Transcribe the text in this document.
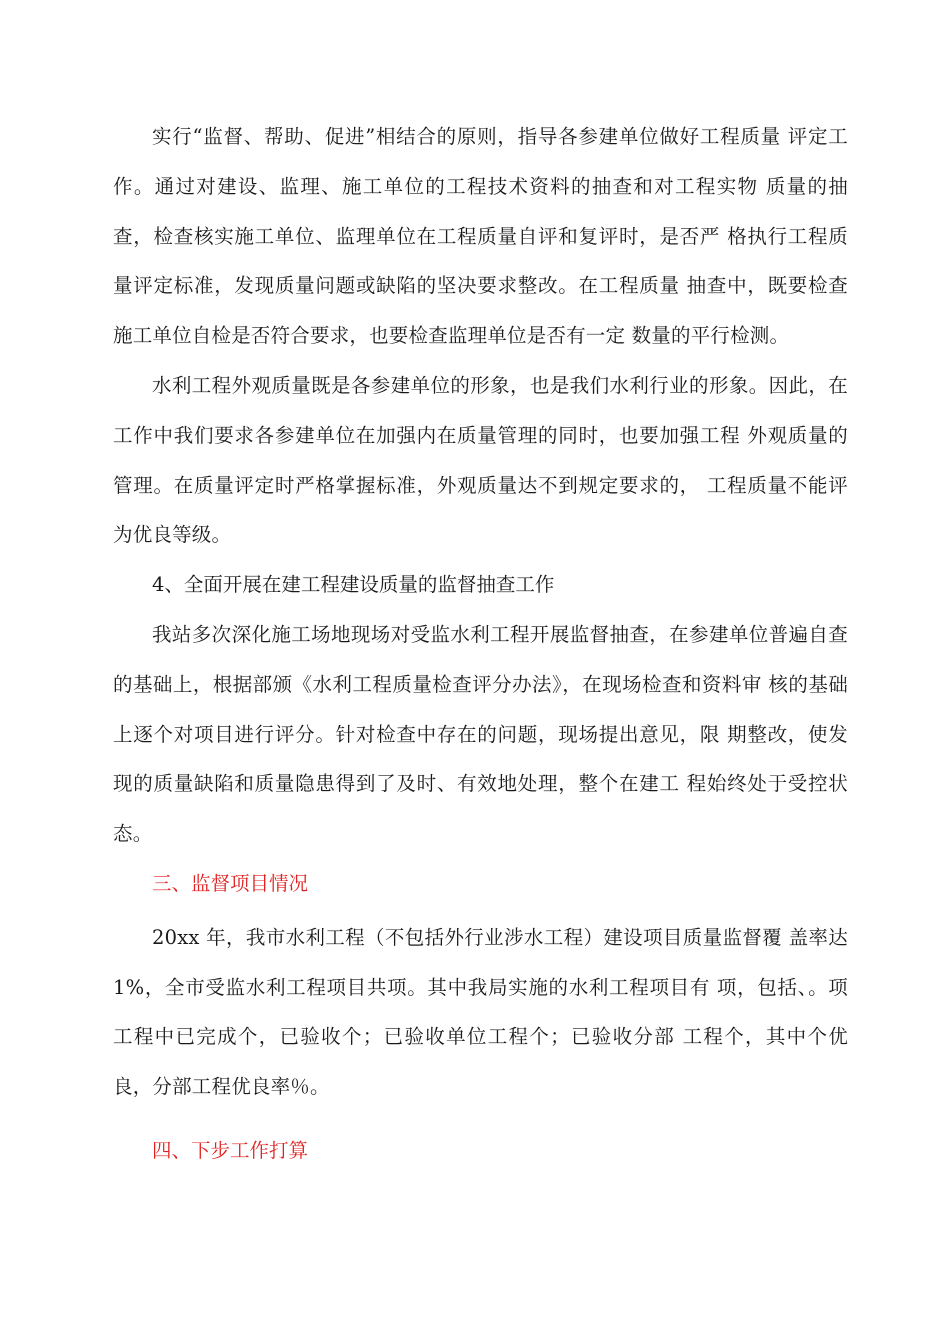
实行“监督、帮助、促进”相结合的原则，指导各参建单位做好工程质量 评定工作。通过对建设、监理、施工单位的工程技术资料的抽查和对工程实物 质量的抽查，检查核实施工单位、监理单位在工程质量自评和复评时，是否严 格执行工程质量评定标准，发现质量问题或缺陷的坚决要求整改。在工程质量 抽查中，既要检查施工单位自检是否符合要求，也要检查监理单位是否有一定 数量的平行检测。

水利工程外观质量既是各参建单位的形象，也是我们水利行业的形象。因此，在工作中我们要求各参建单位在加强内在质量管理的同时，也要加强工程 外观质量的管理。在质量评定时严格掌握标准，外观质量达不到规定要求的， 工程质量不能评为优良等级。

4、全面开展在建工程建设质量的监督抽查工作

我站多次深化施工场地现场对受监水利工程开展监督抽查，在参建单位普遍自查的基础上，根据部颁《水利工程质量检查评分办法》，在现场检查和资料审 核的基础上逐个对项目进行评分。针对检查中存在的问题，现场提出意见，限 期整改，使发现的质量缺陷和质量隐患得到了及时、有效地处理，整个在建工 程始终处于受控状态。

三、监督项目情况

20xx 年，我市水利工程（不包括外行业涉水工程）建设项目质量监督覆 盖率达 1%，全市受监水利工程项目共项。其中我局实施的水利工程项目有 项，包括、。项工程中已完成个，已验收个；已验收单位工程个；已验收分部 工程个，其中个优良，分部工程优良率％。

四、下步工作打算
